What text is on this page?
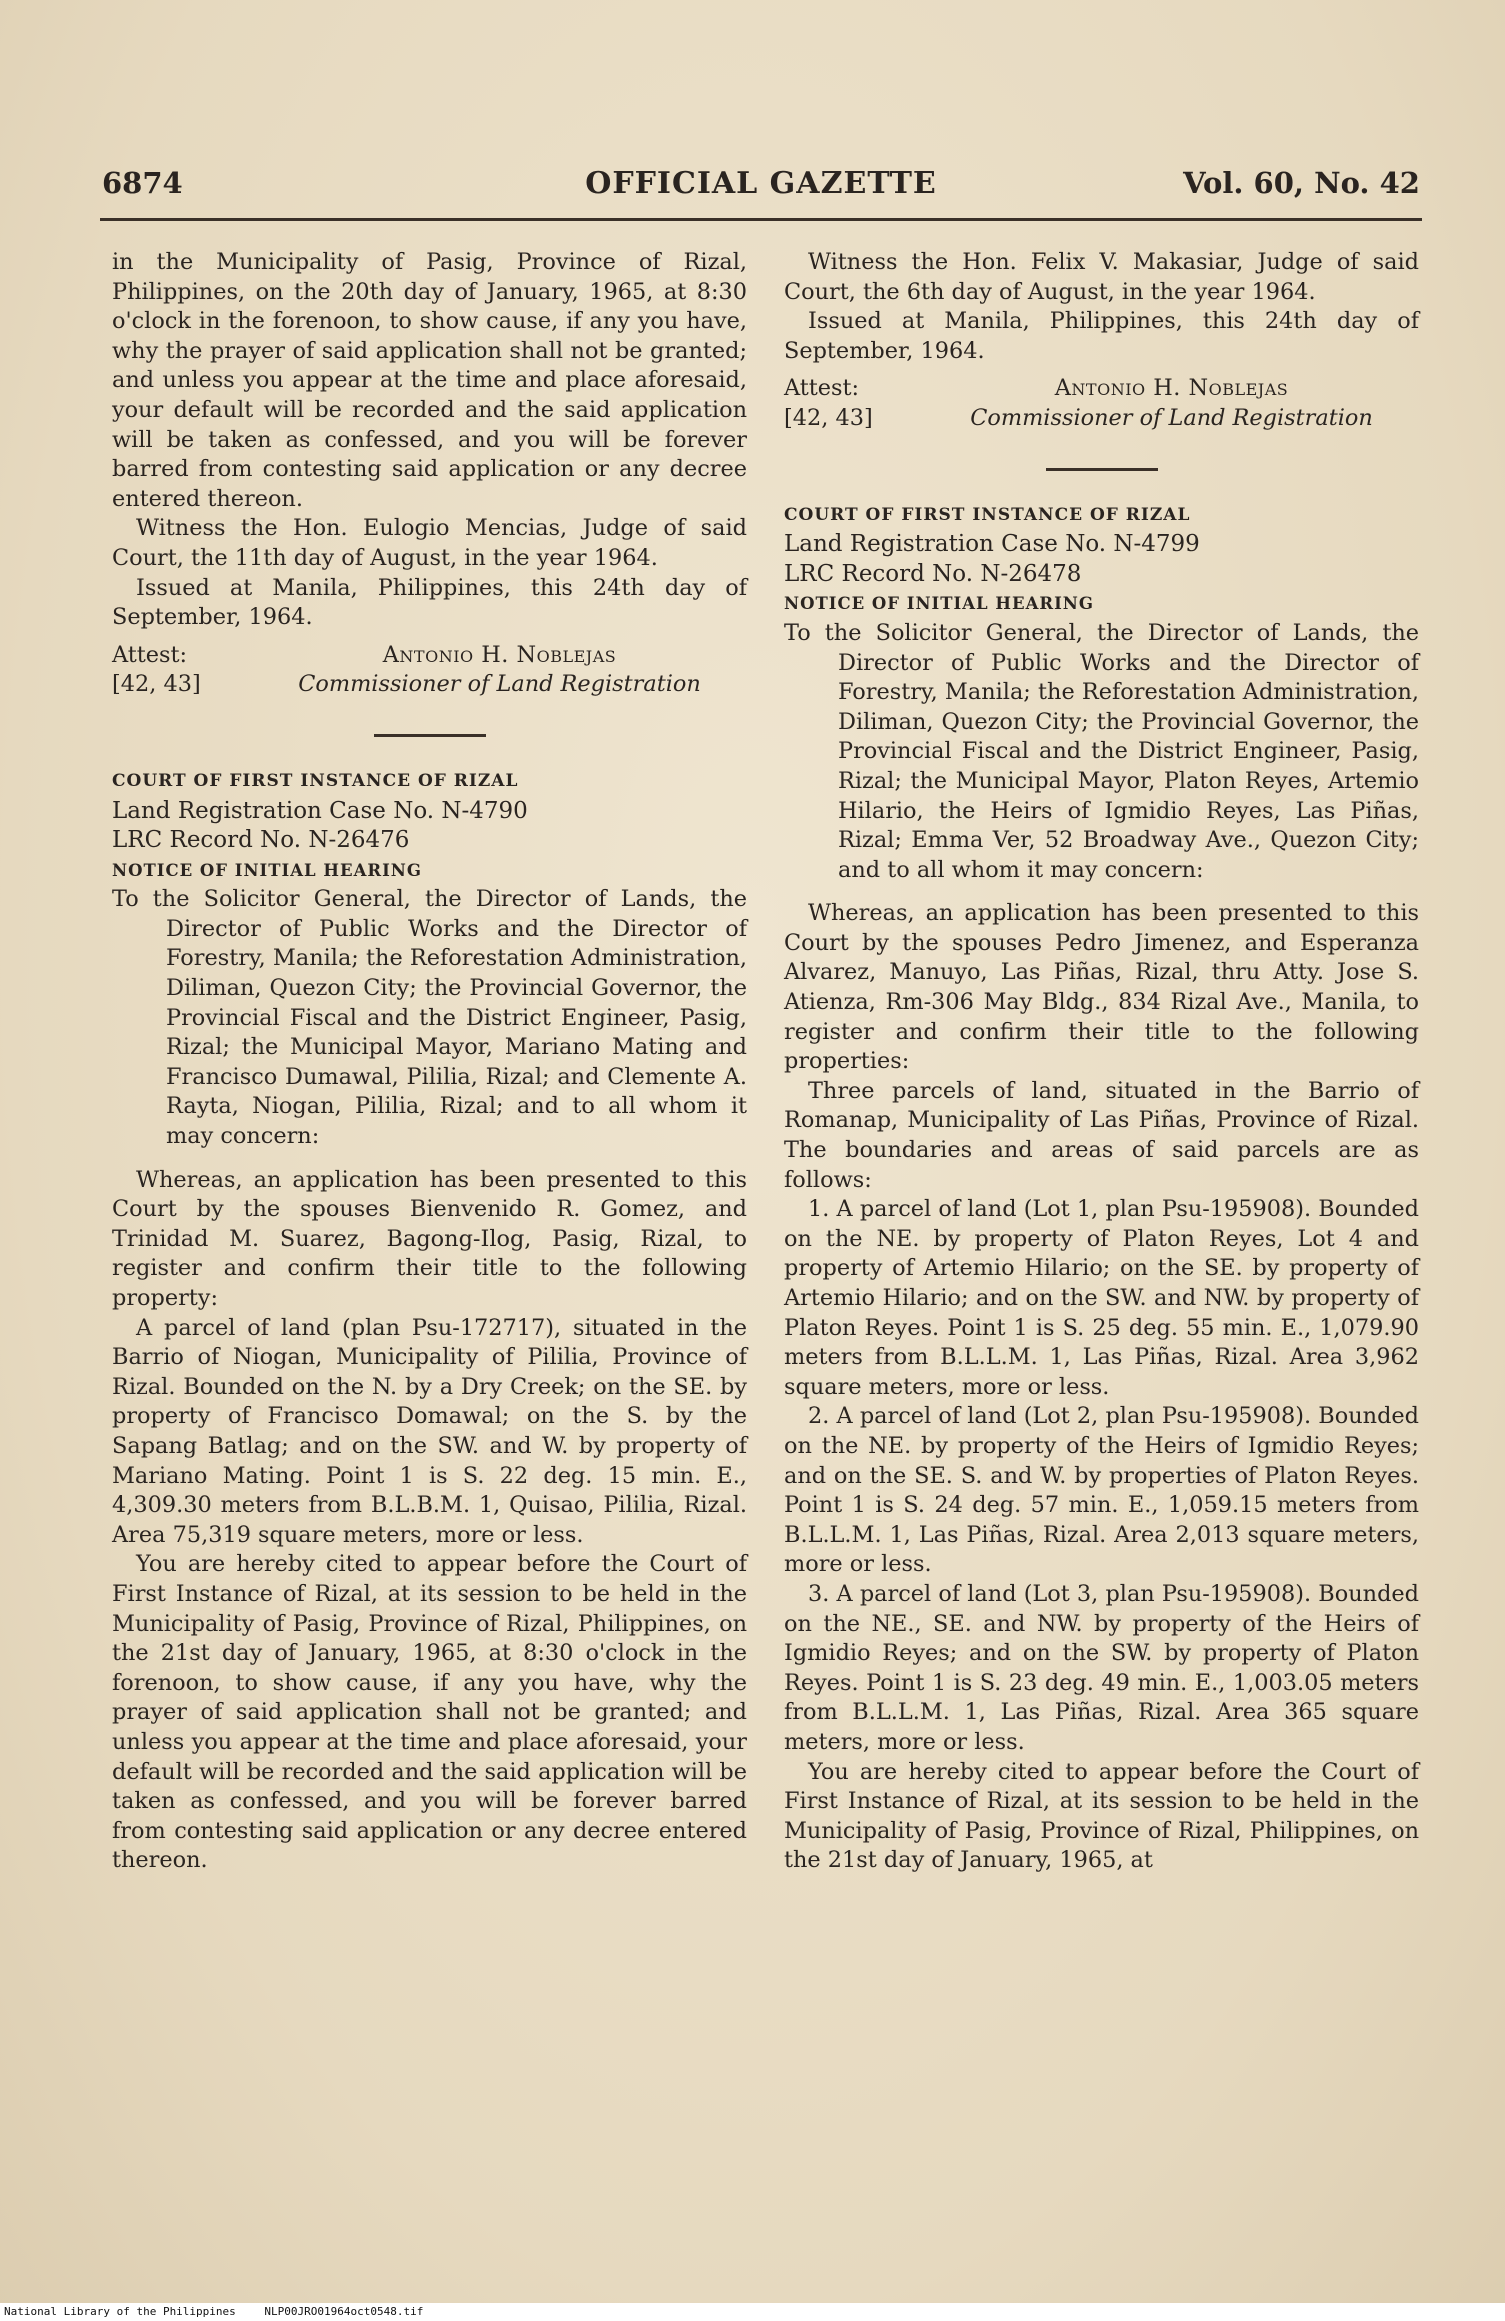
6874	OFFICIAL GAZETTE	Vol. 60, No. 42

in the Municipality of Pasig, Province of Rizal, Philippines, on the 20th day of January, 1965, at 8:30 o'clock in the forenoon, to show cause, if any you have, why the prayer of said application shall not be granted; and unless you appear at the time and place aforesaid, your default will be recorded and the said application will be taken as confessed, and you will be forever barred from contesting said application or any decree entered thereon.

Witness the Hon. Eulogio Mencias, Judge of said Court, the 11th day of August, in the year 1964.

Issued at Manila, Philippines, this 24th day of September, 1964.

Attest:	Antonio H. Noblejas
[42, 43]	Commissioner of Land Registration

COURT OF FIRST INSTANCE OF RIZAL

Land Registration Case No. N-4790

LRC Record No. N-26476

NOTICE OF INITIAL HEARING

To the Solicitor General, the Director of Lands, the Director of Public Works and the Director of Forestry, Manila; the Reforestation Administration, Diliman, Quezon City; the Provincial Governor, the Provincial Fiscal and the District Engineer, Pasig, Rizal; the Municipal Mayor, Mariano Mating and Francisco Dumawal, Pililia, Rizal; and Clemente A. Rayta, Niogan, Pililia, Rizal; and to all whom it may concern:

Whereas, an application has been presented to this Court by the spouses Bienvenido R. Gomez, and Trinidad M. Suarez, Bagong-Ilog, Pasig, Rizal, to register and confirm their title to the following property:

A parcel of land (plan Psu-172717), situated in the Barrio of Niogan, Municipality of Pililia, Province of Rizal. Bounded on the N. by a Dry Creek; on the SE. by property of Francisco Domawal; on the S. by the Sapang Batlag; and on the SW. and W. by property of Mariano Mating. Point 1 is S. 22 deg. 15 min. E., 4,309.30 meters from B.L.B.M. 1, Quisao, Pililia, Rizal. Area 75,319 square meters, more or less.

You are hereby cited to appear before the Court of First Instance of Rizal, at its session to be held in the Municipality of Pasig, Province of Rizal, Philippines, on the 21st day of January, 1965, at 8:30 o'clock in the forenoon, to show cause, if any you have, why the prayer of said application shall not be granted; and unless you appear at the time and place aforesaid, your default will be recorded and the said application will be taken as confessed, and you will be forever barred from contesting said application or any decree entered thereon.

Witness the Hon. Felix V. Makasiar, Judge of said Court, the 6th day of August, in the year 1964.

Issued at Manila, Philippines, this 24th day of September, 1964.

Attest:	Antonio H. Noblejas
[42, 43]	Commissioner of Land Registration

COURT OF FIRST INSTANCE OF RIZAL

Land Registration Case No. N-4799

LRC Record No. N-26478

NOTICE OF INITIAL HEARING

To the Solicitor General, the Director of Lands, the Director of Public Works and the Director of Forestry, Manila; the Reforestation Administration, Diliman, Quezon City; the Provincial Governor, the Provincial Fiscal and the District Engineer, Pasig, Rizal; the Municipal Mayor, Platon Reyes, Artemio Hilario, the Heirs of Igmidio Reyes, Las Piñas, Rizal; Emma Ver, 52 Broadway Ave., Quezon City; and to all whom it may concern:

Whereas, an application has been presented to this Court by the spouses Pedro Jimenez, and Esperanza Alvarez, Manuyo, Las Piñas, Rizal, thru Atty. Jose S. Atienza, Rm-306 May Bldg., 834 Rizal Ave., Manila, to register and confirm their title to the following properties:

Three parcels of land, situated in the Barrio of Romanap, Municipality of Las Piñas, Province of Rizal. The boundaries and areas of said parcels are as follows:

1. A parcel of land (Lot 1, plan Psu-195908). Bounded on the NE. by property of Platon Reyes, Lot 4 and property of Artemio Hilario; on the SE. by property of Artemio Hilario; and on the SW. and NW. by property of Platon Reyes. Point 1 is S. 25 deg. 55 min. E., 1,079.90 meters from B.L.L.M. 1, Las Piñas, Rizal. Area 3,962 square meters, more or less.

2. A parcel of land (Lot 2, plan Psu-195908). Bounded on the NE. by property of the Heirs of Igmidio Reyes; and on the SE. S. and W. by properties of Platon Reyes. Point 1 is S. 24 deg. 57 min. E., 1,059.15 meters from B.L.L.M. 1, Las Piñas, Rizal. Area 2,013 square meters, more or less.

3. A parcel of land (Lot 3, plan Psu-195908). Bounded on the NE., SE. and NW. by property of the Heirs of Igmidio Reyes; and on the SW. by property of Platon Reyes. Point 1 is S. 23 deg. 49 min. E., 1,003.05 meters from B.L.L.M. 1, Las Piñas, Rizal. Area 365 square meters, more or less.

You are hereby cited to appear before the Court of First Instance of Rizal, at its session to be held in the Municipality of Pasig, Province of Rizal, Philippines, on the 21st day of January, 1965, at

National Library of the Philippines	NLP00JRO01964oct0548.tif
